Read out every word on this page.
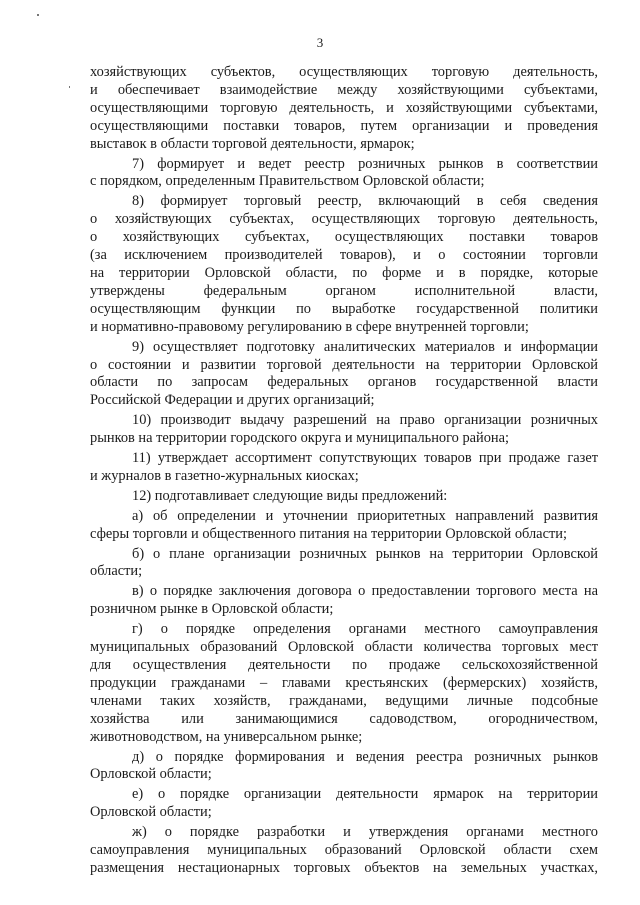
3
хозяйствующих субъектов, осуществляющих торговую деятельность,
и обеспечивает взаимодействие между хозяйствующими субъектами,
осуществляющими торговую деятельность, и хозяйствующими субъектами,
осуществляющими поставки товаров, путем организации и проведения
выставок в области торговой деятельности, ярмарок;
7) формирует и ведет реестр розничных рынков в соответствии
с порядком, определенным Правительством Орловской области;
8) формирует торговый реестр, включающий в себя сведения
о хозяйствующих субъектах, осуществляющих торговую деятельность,
о хозяйствующих субъектах, осуществляющих поставки товаров
(за исключением производителей товаров), и о состоянии торговли
на территории Орловской области, по форме и в порядке, которые
утверждены федеральным органом исполнительной власти,
осуществляющим функции по выработке государственной политики
и нормативно-правовому регулированию в сфере внутренней торговли;
9) осуществляет подготовку аналитических материалов и информации
о состоянии и развитии торговой деятельности на территории Орловской
области по запросам федеральных органов государственной власти
Российской Федерации и других организаций;
10) производит выдачу разрешений на право организации розничных
рынков на территории городского округа и муниципального района;
11) утверждает ассортимент сопутствующих товаров при продаже газет
и журналов в газетно-журнальных киосках;
12) подготавливает следующие виды предложений:
а) об определении и уточнении приоритетных направлений развития
сферы торговли и общественного питания на территории Орловской области;
б) о плане организации розничных рынков на территории Орловской
области;
в) о порядке заключения договора о предоставлении торгового места на
розничном рынке в Орловской области;
г) о порядке определения органами местного самоуправления
муниципальных образований Орловской области количества торговых мест
для осуществления деятельности по продаже сельскохозяйственной
продукции гражданами – главами крестьянских (фермерских) хозяйств,
членами таких хозяйств, гражданами, ведущими личные подсобные
хозяйства или занимающимися садоводством, огородничеством,
животноводством, на универсальном рынке;
д) о порядке формирования и ведения реестра розничных рынков
Орловской области;
е) о порядке организации деятельности ярмарок на территории
Орловской области;
ж) о порядке разработки и утверждения органами местного
самоуправления муниципальных образований Орловской области схем
размещения нестационарных торговых объектов на земельных участках,
